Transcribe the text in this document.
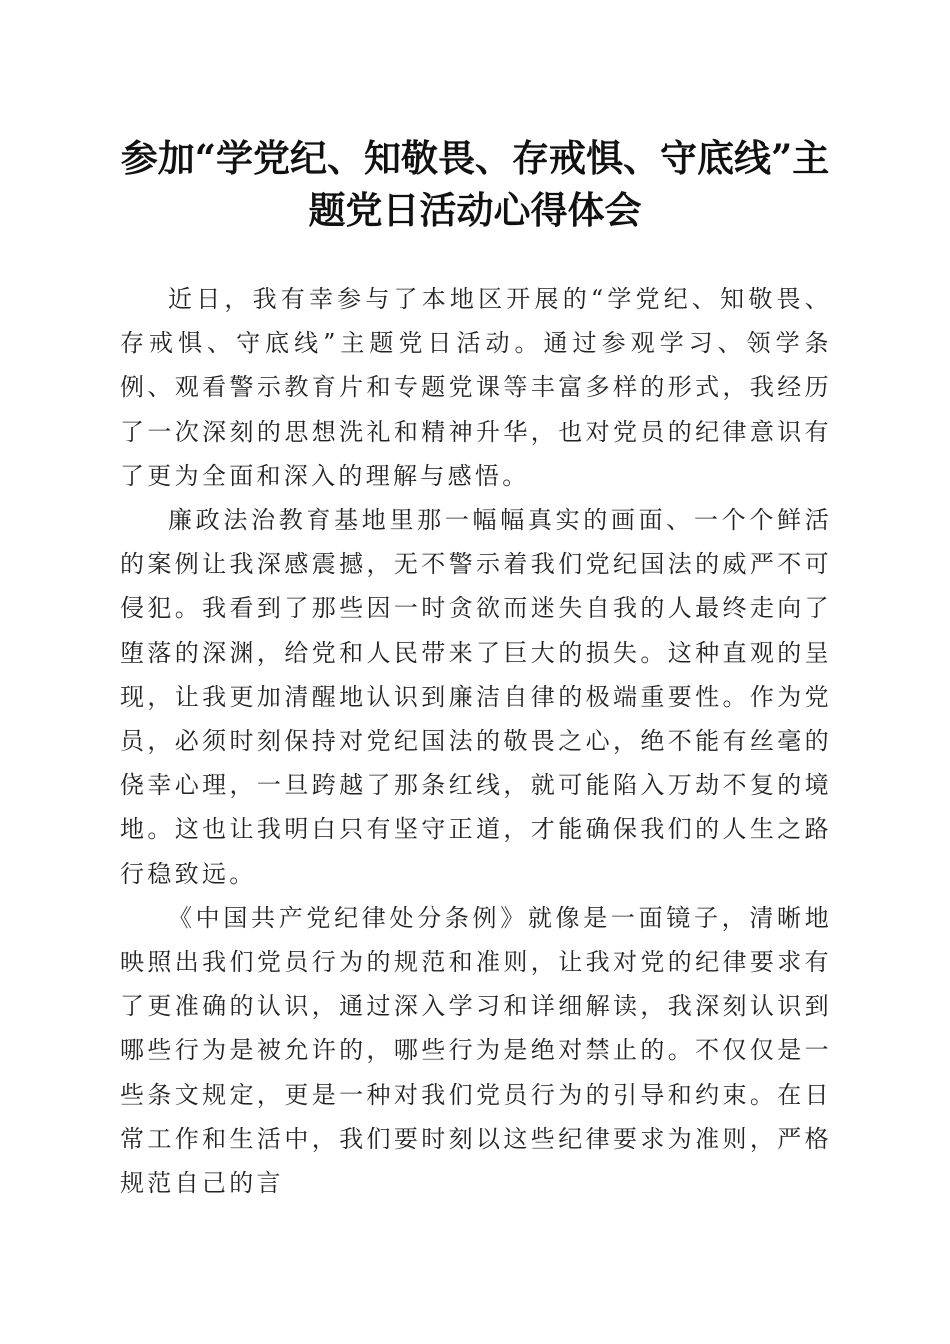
参加“学党纪、知敬畏、存戒惧、守底线”主
题党日活动心得体会

近日，我有幸参与了本地区开展的“学党纪、知敬畏、存戒惧、守底线”主题党日活动。通过参观学习、领学条例、观看警示教育片和专题党课等丰富多样的形式，我经历了一次深刻的思想洗礼和精神升华，也对党员的纪律意识有了更为全面和深入的理解与感悟。

廉政法治教育基地里那一幅幅真实的画面、一个个鲜活的案例让我深感震撼，无不警示着我们党纪国法的威严不可侵犯。我看到了那些因一时贪欲而迷失自我的人最终走向了堕落的深渊，给党和人民带来了巨大的损失。这种直观的呈现，让我更加清醒地认识到廉洁自律的极端重要性。作为党员，必须时刻保持对党纪国法的敬畏之心，绝不能有丝毫的侥幸心理，一旦跨越了那条红线，就可能陷入万劫不复的境地。这也让我明白只有坚守正道，才能确保我们的人生之路行稳致远。

《中国共产党纪律处分条例》就像是一面镜子，清晰地映照出我们党员行为的规范和准则，让我对党的纪律要求有了更准确的认识，通过深入学习和详细解读，我深刻认识到哪些行为是被允许的，哪些行为是绝对禁止的。不仅仅是一些条文规定，更是一种对我们党员行为的引导和约束。在日常工作和生活中，我们要时刻以这些纪律要求为准则，严格规范自己的言
